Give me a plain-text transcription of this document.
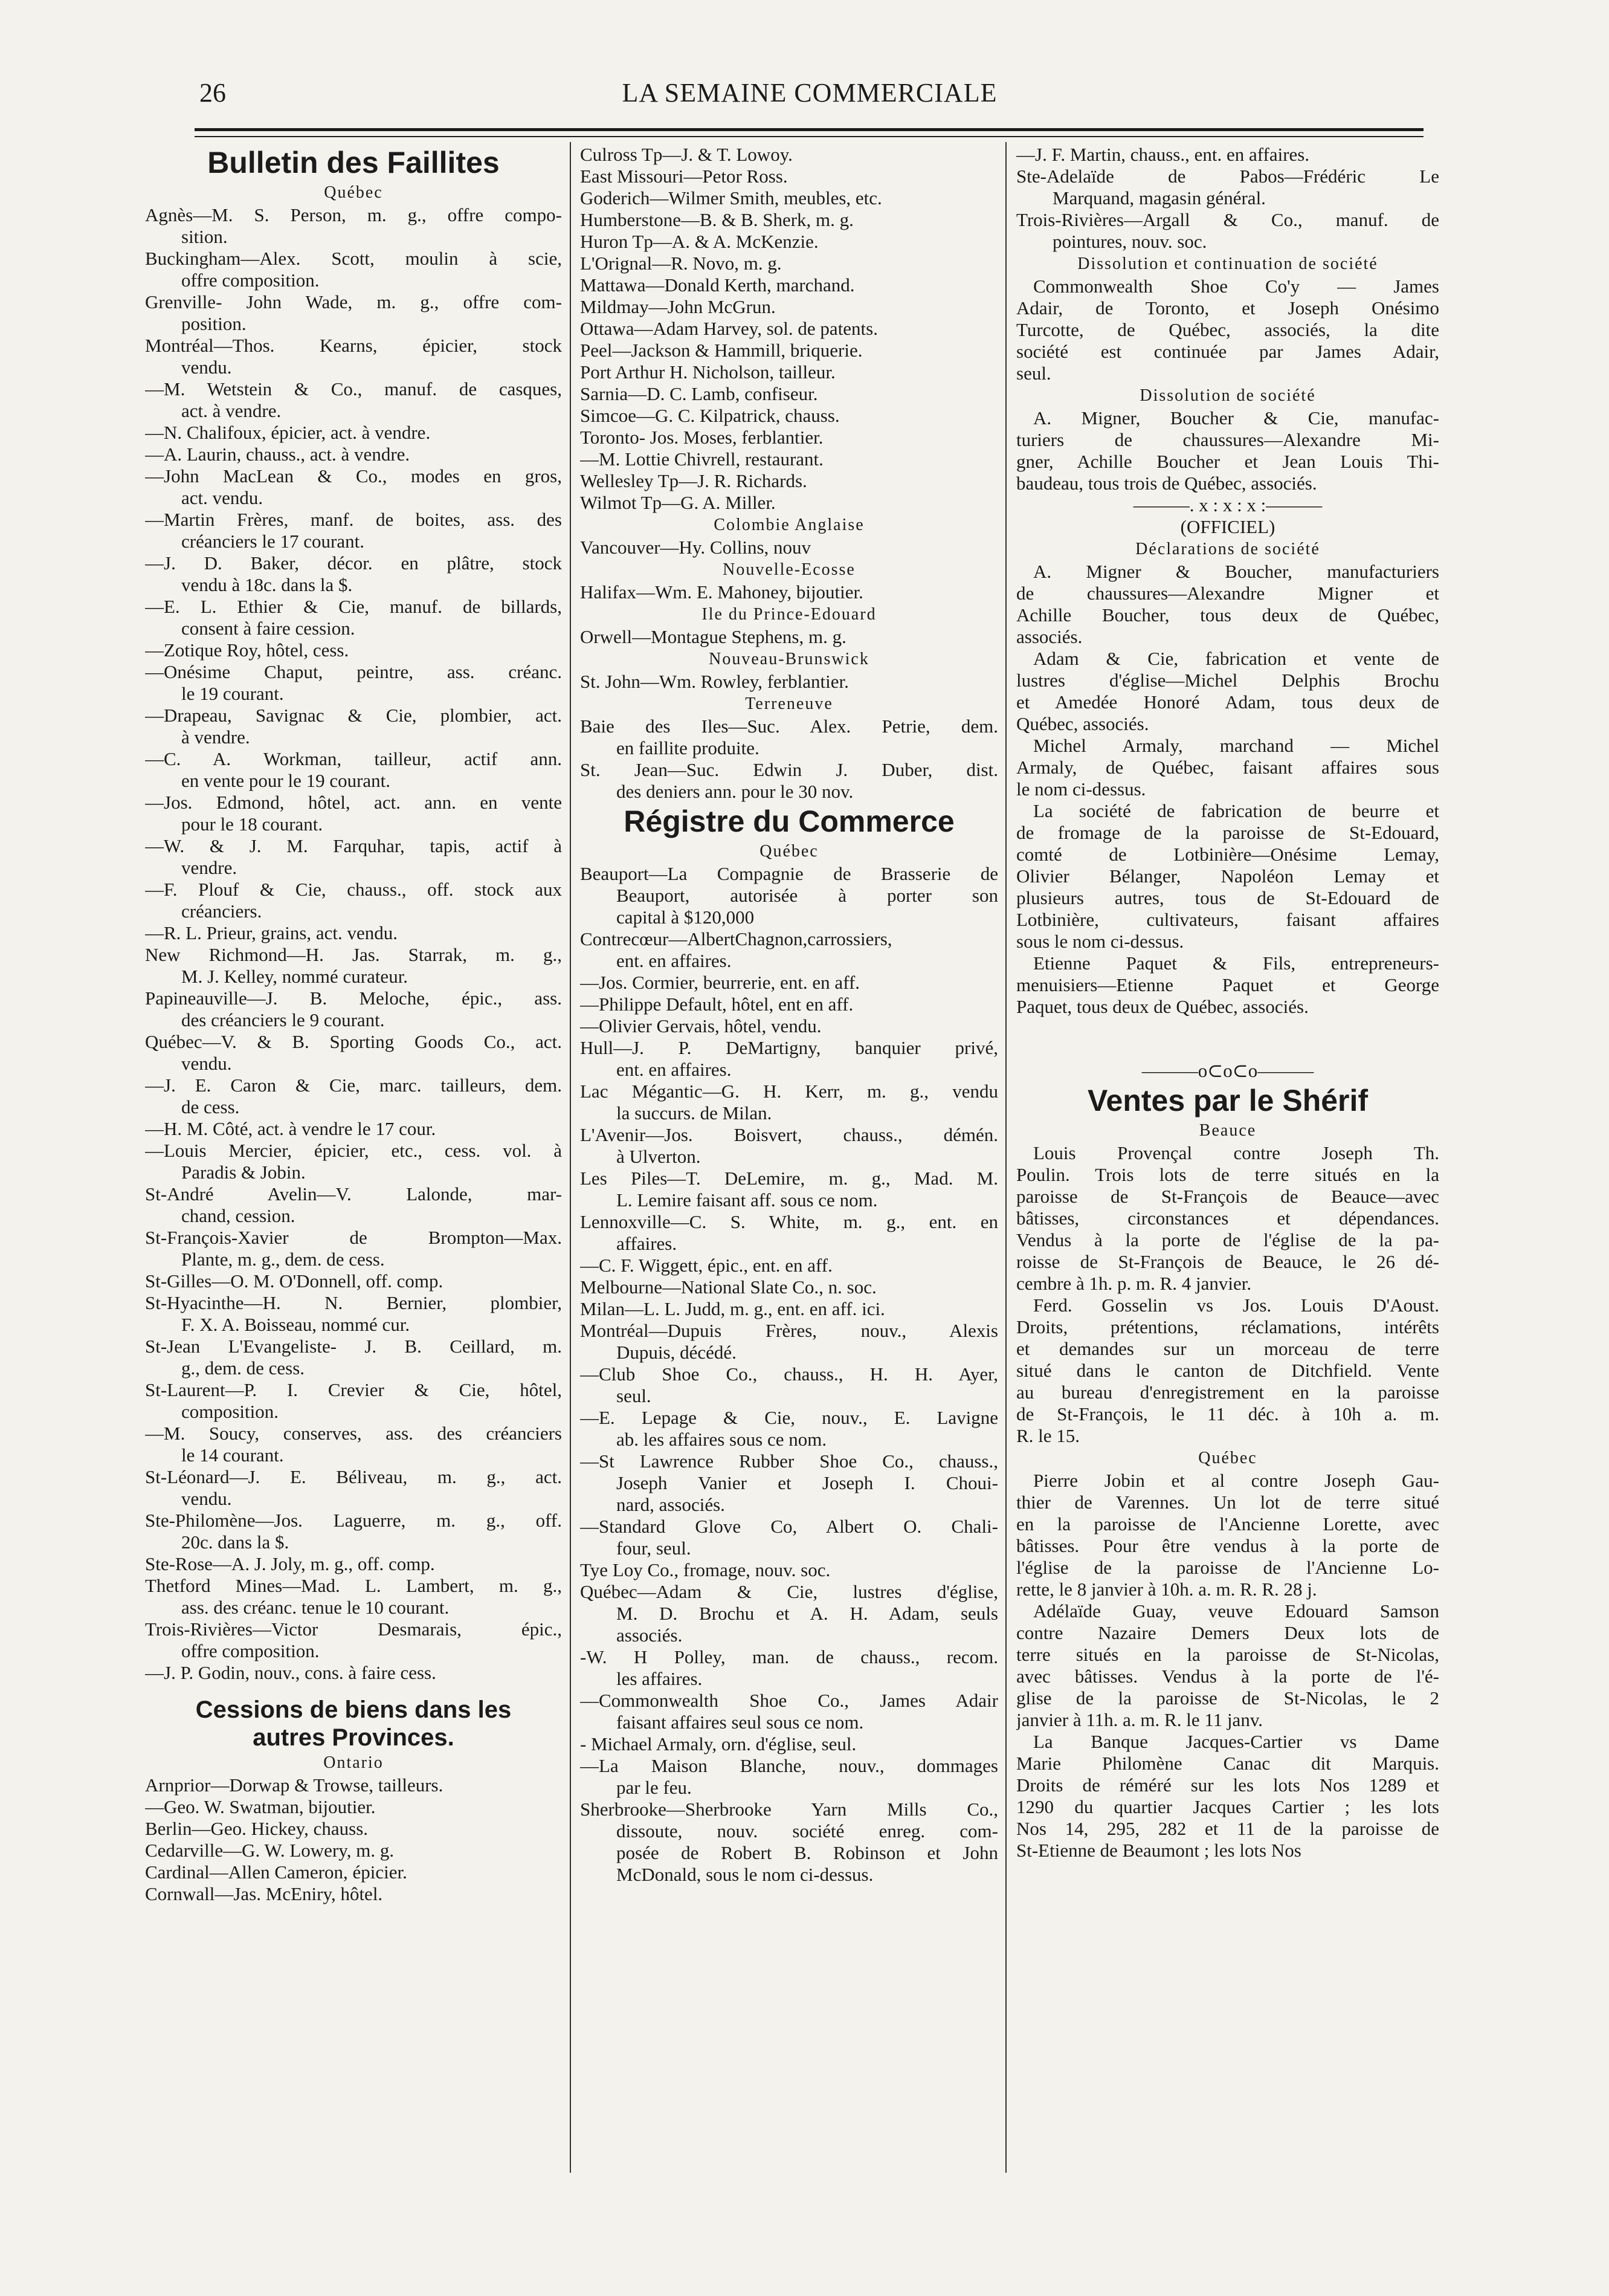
26	LA SEMAINE COMMERCIALE
Bulletin des Faillites
Québec
Agnès—M. S. Person, m. g., offre compo-
sition.
Buckingham—Alex. Scott, moulin à scie,
offre composition.
Grenville- John Wade, m. g., offre com-
position.
Montréal—Thos. Kearns, épicier, stock
vendu.
—M. Wetstein & Co., manuf. de casques,
act. à vendre.
—N. Chalifoux, épicier, act. à vendre.
—A. Laurin, chauss., act. à vendre.
—John MacLean & Co., modes en gros,
act. vendu.
—Martin Frères, manf. de boites, ass. des
créanciers le 17 courant.
—J. D. Baker, décor. en plâtre, stock
vendu à 18c. dans la $.
—E. L. Ethier & Cie, manuf. de billards,
consent à faire cession.
—Zotique Roy, hôtel, cess.
—Onésime Chaput, peintre, ass. créanc.
le 19 courant.
—Drapeau, Savignac & Cie, plombier, act.
à vendre.
—C. A. Workman, tailleur, actif ann.
en vente pour le 19 courant.
—Jos. Edmond, hôtel, act. ann. en vente
pour le 18 courant.
—W. & J. M. Farquhar, tapis, actif à
vendre.
—F. Plouf & Cie, chauss., off. stock aux
créanciers.
—R. L. Prieur, grains, act. vendu.
New Richmond—H. Jas. Starrak, m. g.,
M. J. Kelley, nommé curateur.
Papineauville—J. B. Meloche, épic., ass.
des créanciers le 9 courant.
Québec—V. & B. Sporting Goods Co., act.
vendu.
—J. E. Caron & Cie, marc. tailleurs, dem.
de cess.
—H. M. Côté, act. à vendre le 17 cour.
—Louis Mercier, épicier, etc., cess. vol. à
Paradis & Jobin.
St-André Avelin—V. Lalonde, mar-
chand, cession.
St-François-Xavier de Brompton—Max.
Plante, m. g., dem. de cess.
St-Gilles—O. M. O'Donnell, off. comp.
St-Hyacinthe—H. N. Bernier, plombier,
F. X. A. Boisseau, nommé cur.
St-Jean L'Evangeliste- J. B. Ceillard, m.
g., dem. de cess.
St-Laurent—P. I. Crevier & Cie, hôtel,
composition.
—M. Soucy, conserves, ass. des créanciers
le 14 courant.
St-Léonard—J. E. Béliveau, m. g., act.
vendu.
Ste-Philomène—Jos. Laguerre, m. g., off.
20c. dans la $.
Ste-Rose—A. J. Joly, m. g., off. comp.
Thetford Mines—Mad. L. Lambert, m. g.,
ass. des créanc. tenue le 10 courant.
Trois-Rivières—Victor Desmarais, épic.,
offre composition.
—J. P. Godin, nouv., cons. à faire cess.
Cessions de biens dans les
autres Provinces.
Ontario
Arnprior—Dorwap & Trowse, tailleurs.
—Geo. W. Swatman, bijoutier.
Berlin—Geo. Hickey, chauss.
Cedarville—G. W. Lowery, m. g.
Cardinal—Allen Cameron, épicier.
Cornwall—Jas. McEniry, hôtel.
Culross Tp—J. & T. Lowoy.
East Missouri—Petor Ross.
Goderich—Wilmer Smith, meubles, etc.
Humberstone—B. & B. Sherk, m. g.
Huron Tp—A. & A. McKenzie.
L'Orignal—R. Novo, m. g.
Mattawa—Donald Kerth, marchand.
Mildmay—John McGrun.
Ottawa—Adam Harvey, sol. de patents.
Peel—Jackson & Hammill, briquerie.
Port Arthur H. Nicholson, tailleur.
Sarnia—D. C. Lamb, confiseur.
Simcoe—G. C. Kilpatrick, chauss.
Toronto- Jos. Moses, ferblantier.
—M. Lottie Chivrell, restaurant.
Wellesley Tp—J. R. Richards.
Wilmot Tp—G. A. Miller.
Colombie Anglaise
Vancouver—Hy. Collins, nouv
Nouvelle-Ecosse
Halifax—Wm. E. Mahoney, bijoutier.
Ile du Prince-Edouard
Orwell—Montague Stephens, m. g.
Nouveau-Brunswick
St. John—Wm. Rowley, ferblantier.
Terreneuve
Baie des Iles—Suc. Alex. Petrie, dem.
en faillite produite.
St. Jean—Suc. Edwin J. Duber, dist.
des deniers ann. pour le 30 nov.
Régistre du Commerce
Québec
Beauport—La Compagnie de Brasserie de
Beauport, autorisée à porter son
capital à $120,000
Contrecœur—AlbertChagnon,carrossiers,
ent. en affaires.
—Jos. Cormier, beurrerie, ent. en aff.
—Philippe Default, hôtel, ent en aff.
—Olivier Gervais, hôtel, vendu.
Hull—J. P. DeMartigny, banquier privé,
ent. en affaires.
Lac Mégantic—G. H. Kerr, m. g., vendu
la succurs. de Milan.
L'Avenir—Jos. Boisvert, chauss., démén.
à Ulverton.
Les Piles—T. DeLemire, m. g., Mad. M.
L. Lemire faisant aff. sous ce nom.
Lennoxville—C. S. White, m. g., ent. en
affaires.
—C. F. Wiggett, épic., ent. en aff.
Melbourne—National Slate Co., n. soc.
Milan—L. L. Judd, m. g., ent. en aff. ici.
Montréal—Dupuis Frères, nouv., Alexis
Dupuis, décédé.
—Club Shoe Co., chauss., H. H. Ayer,
seul.
—E. Lepage & Cie, nouv., E. Lavigne
ab. les affaires sous ce nom.
—St Lawrence Rubber Shoe Co., chauss.,
Joseph Vanier et Joseph I. Choui-
nard, associés.
—Standard Glove Co, Albert O. Chali-
four, seul.
Tye Loy Co., fromage, nouv. soc.
Québec—Adam & Cie, lustres d'église,
M. D. Brochu et A. H. Adam, seuls
associés.
-W. H Polley, man. de chauss., recom.
les affaires.
—Commonwealth Shoe Co., James Adair
faisant affaires seul sous ce nom.
- Michael Armaly, orn. d'église, seul.
—La Maison Blanche, nouv., dommages
par le feu.
Sherbrooke—Sherbrooke Yarn Mills Co.,
dissoute, nouv. société enreg. com-
posée de Robert B. Robinson et John
McDonald, sous le nom ci-dessus.
—J. F. Martin, chauss., ent. en affaires.
Ste-Adelaïde de Pabos—Frédéric Le
Marquand, magasin général.
Trois-Rivières—Argall & Co., manuf. de
pointures, nouv. soc.
Dissolution et continuation de société
Commonwealth Shoe Co'y — James
Adair, de Toronto, et Joseph Onésimo
Turcotte, de Québec, associés, la dite
société est continuée par James Adair,
seul.
Dissolution de société
A. Migner, Boucher & Cie, manufac-
turiers de chaussures—Alexandre Mi-
gner, Achille Boucher et Jean Louis Thi-
baudeau, tous trois de Québec, associés.
———. x : x : x :———
(OFFICIEL)
Déclarations de société
A. Migner & Boucher, manufacturiers
de chaussures—Alexandre Migner et
Achille Boucher, tous deux de Québec,
associés.
Adam & Cie, fabrication et vente de
lustres d'église—Michel Delphis Brochu
et Amedée Honoré Adam, tous deux de
Québec, associés.
Michel Armaly, marchand — Michel
Armaly, de Québec, faisant affaires sous
le nom ci-dessus.
La société de fabrication de beurre et
de fromage de la paroisse de St-Edouard,
comté de Lotbinière—Onésime Lemay,
Olivier Bélanger, Napoléon Lemay et
plusieurs autres, tous de St-Edouard de
Lotbinière, cultivateurs, faisant affaires
sous le nom ci-dessus.
Etienne Paquet & Fils, entrepreneurs-
menuisiers—Etienne Paquet et George
Paquet, tous deux de Québec, associés.
———o⊂o⊂o———
Ventes par le Shérif
Beauce
Louis Provençal contre Joseph Th.
Poulin. Trois lots de terre situés en la
paroisse de St-François de Beauce—avec
bâtisses, circonstances et dépendances.
Vendus à la porte de l'église de la pa-
roisse de St-François de Beauce, le 26 dé-
cembre à 1h. p. m. R. 4 janvier.
Ferd. Gosselin vs Jos. Louis D'Aoust.
Droits, prétentions, réclamations, intérêts
et demandes sur un morceau de terre
situé dans le canton de Ditchfield. Vente
au bureau d'enregistrement en la paroisse
de St-François, le 11 déc. à 10h a. m.
R. le 15.
Québec
Pierre Jobin et al contre Joseph Gau-
thier de Varennes. Un lot de terre situé
en la paroisse de l'Ancienne Lorette, avec
bâtisses. Pour être vendus à la porte de
l'église de la paroisse de l'Ancienne Lo-
rette, le 8 janvier à 10h. a. m. R. R. 28 j.
Adélaïde Guay, veuve Edouard Samson
contre Nazaire Demers Deux lots de
terre situés en la paroisse de St-Nicolas,
avec bâtisses. Vendus à la porte de l'é-
glise de la paroisse de St-Nicolas, le 2
janvier à 11h. a. m. R. le 11 janv.
La Banque Jacques-Cartier vs Dame
Marie Philomène Canac dit Marquis.
Droits de réméré sur les lots Nos 1289 et
1290 du quartier Jacques Cartier ; les lots
Nos 14, 295, 282 et 11 de la paroisse de
St-Etienne de Beaumont ; les lots Nos
